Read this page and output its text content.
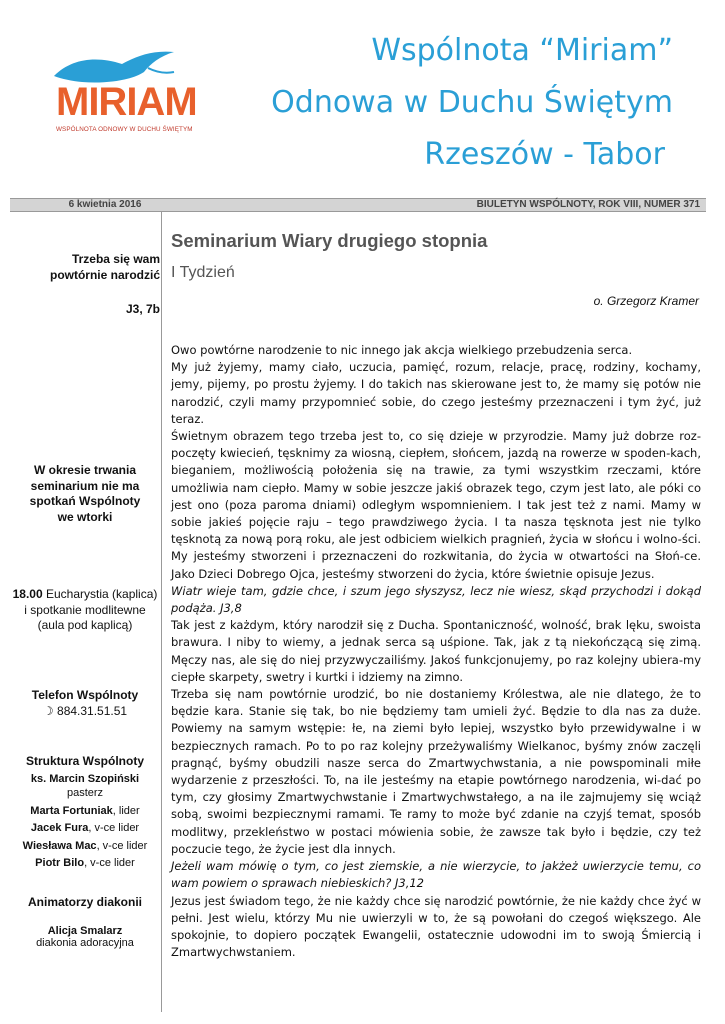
MIRIAM
WSPÓLNOTA ODNOWY W DUCHU ŚWIĘTYM
Wspólnota “Miriam”
Odnowa w Duchu Świętym
Rzeszów - Tabor
6 kwietnia 2016	BIULETYN WSPÓLNOTY, ROK VIII, NUMER 371
Trzeba się wam
powtórnie narodzić
J3, 7b
W okresie trwania seminarium nie ma spotkań Wspólnoty we wtorki
18.00 Eucharystia (kaplica)
i spotkanie modlitewne
(aula pod kaplicą)
Telefon Wspólnoty
☽ 884.31.51.51
Struktura Wspólnoty
ks. Marcin Szopiński
pasterz
Marta Fortuniak, lider
Jacek Fura, v-ce lider
Wiesława Mac, v-ce lider
Piotr Bilo, v-ce lider
Animatorzy diakonii
Alicja Smalarz
diakonia adoracyjna
Seminarium Wiary drugiego stopnia
I Tydzień
o. Grzegorz Kramer

Owo powtórne narodzenie to nic innego jak akcja wielkiego przebudzenia serca.

My już żyjemy, mamy ciało, uczucia, pamięć, rozum, relacje, pracę, rodziny, kochamy, jemy, pijemy, po prostu żyjemy. I do takich nas skierowane jest to, że mamy się potów nie narodzić, czyli mamy przypomnieć sobie, do czego jesteśmy przeznaczeni i tym żyć, już teraz.

Świetnym obrazem tego trzeba jest to, co się dzieje w przyrodzie. Mamy już dobrze roz-poczęty kwiecień, tęsknimy za wiosną, ciepłem, słońcem, jazdą na rowerze w spoden-kach, bieganiem, możliwością położenia się na trawie, za tymi wszystkim rzeczami, które umożliwia nam ciepło. Mamy w sobie jeszcze jakiś obrazek tego, czym jest lato, ale póki co jest ono (poza paroma dniami) odległym wspomnieniem. I tak jest też z nami. Mamy w sobie jakieś pojęcie raju – tego prawdziwego życia. I ta nasza tęsknota jest nie tylko tęsknotą za nową porą roku, ale jest odbiciem wielkich pragnień, życia w słońcu i wolno-ści. My jesteśmy stworzeni i przeznaczeni do rozkwitania, do życia w otwartości na Słoń-ce. Jako Dzieci Dobrego Ojca, jesteśmy stworzeni do życia, które świetnie opisuje Jezus.

Wiatr wieje tam, gdzie chce, i szum jego słyszysz, lecz nie wiesz, skąd przychodzi i dokąd podąża. J3,8

Tak jest z każdym, który narodził się z Ducha. Spontaniczność, wolność, brak lęku, swoista brawura. I niby to wiemy, a jednak serca są uśpione. Tak, jak z tą niekończącą się zimą. Męczy nas, ale się do niej przyzwyczailiśmy. Jakoś funkcjonujemy, po raz kolejny ubiera-my ciepłe skarpety, swetry i kurtki i idziemy na zimno.

Trzeba się nam powtórnie urodzić, bo nie dostaniemy Królestwa, ale nie dlatego, że to będzie kara. Stanie się tak, bo nie będziemy tam umieli żyć. Będzie to dla nas za duże. Powiemy na samym wstępie: łe, na ziemi było lepiej, wszystko było przewidywalne i w bezpiecznych ramach. Po to po raz kolejny przeżywaliśmy Wielkanoc, byśmy znów zaczęli pragnąć, byśmy obudzili nasze serca do Zmartwychwstania, a nie powspominali miłe wydarzenie z przeszłości. To, na ile jesteśmy na etapie powtórnego narodzenia, wi-dać po tym, czy głosimy Zmartwychwstanie i Zmartwychwstałego, a na ile zajmujemy się wciąż sobą, swoimi bezpiecznymi ramami. Te ramy to może być zdanie na czyjś temat, sposób modlitwy, przekleństwo w postaci mówienia sobie, że zawsze tak było i będzie, czy też poczucie tego, że życie jest dla innych.

Jeżeli wam mówię o tym, co jest ziemskie, a nie wierzycie, to jakżeż uwierzycie temu, co wam powiem o sprawach niebieskich? J3,12

Jezus jest świadom tego, że nie każdy chce się narodzić powtórnie, że nie każdy chce żyć w pełni. Jest wielu, którzy Mu nie uwierzyli w to, że są powołani do czegoś większego. Ale spokojnie, to dopiero początek Ewangelii, ostatecznie udowodni im to swoją Śmiercią i Zmartwychwstaniem.
